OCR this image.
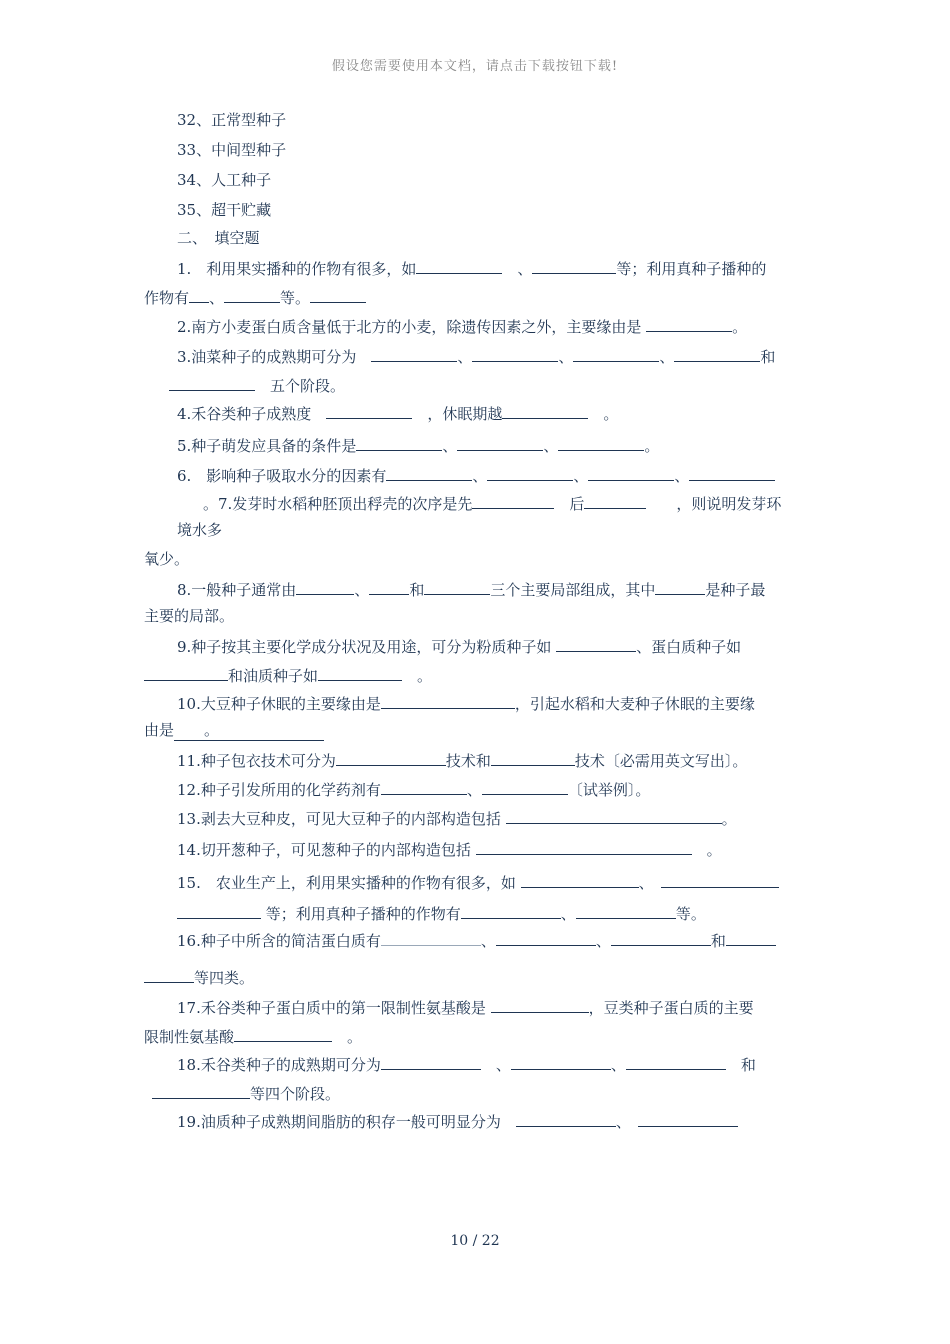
假设您需要使用本文档，请点击下载按钮下载!
32、正常型种子
33、中间型种子
34、人工种子
35、超干贮藏
二、　填空题
1.　利用果实播种的作物有很多，如　	、	等；利用真种子播种的
作物有 、	等。
2.南方小麦蛋白质含量低于北方的小麦，除遗传因素之外，主要缘由是	。
3.油菜种子的成熟期可分为　	、	、	、	和
　五个阶段。
4.禾谷类种子成熟度　　	，休眠期越　	。
5.种子萌发应具备的条件是	、	、	。
6.　影响种子吸取水分的因素有	、	、	、
。7.发芽时水稻种胚顶出稃壳的次序是先　	后　　	，则说明发芽环
境水多
氧少。
8.一般种子通常由	、	和	三个主要局部组成，其中	是种子最
主要的局部。
9.种子按其主要化学成分状况及用途，可分为粉质种子如	、蛋白质种子如
和油质种子如　	。
10.大豆种子休眠的主要缘由是	，引起水稻和大麦种子休眠的主要缘
由是	。
11.种子包衣技术可分为	技术和	技术〔必需用英文写出〕。
12.种子引发所用的化学药剂有	、	〔试举例〕。
13.剥去大豆种皮，可见大豆种子的内部构造包括	。
14.切开葱种子，可见葱种子的内部构造包括 　	。
15.　农业生产上，利用果实播种的作物有很多，如	、　
等；利用真种子播种的作物有	、	等。
16.种子中所含的简洁蛋白质有	、	、	和
等四类。
17.禾谷类种子蛋白质中的第一限制性氨基酸是	，豆类种子蛋白质的主要
限制性氨基酸　	。
18.禾谷类种子的成熟期可分为　	、	、　	和
等四个阶段。
19.油质种子成熟期间脂肪的积存一般可明显分为　	、　
10 / 22
